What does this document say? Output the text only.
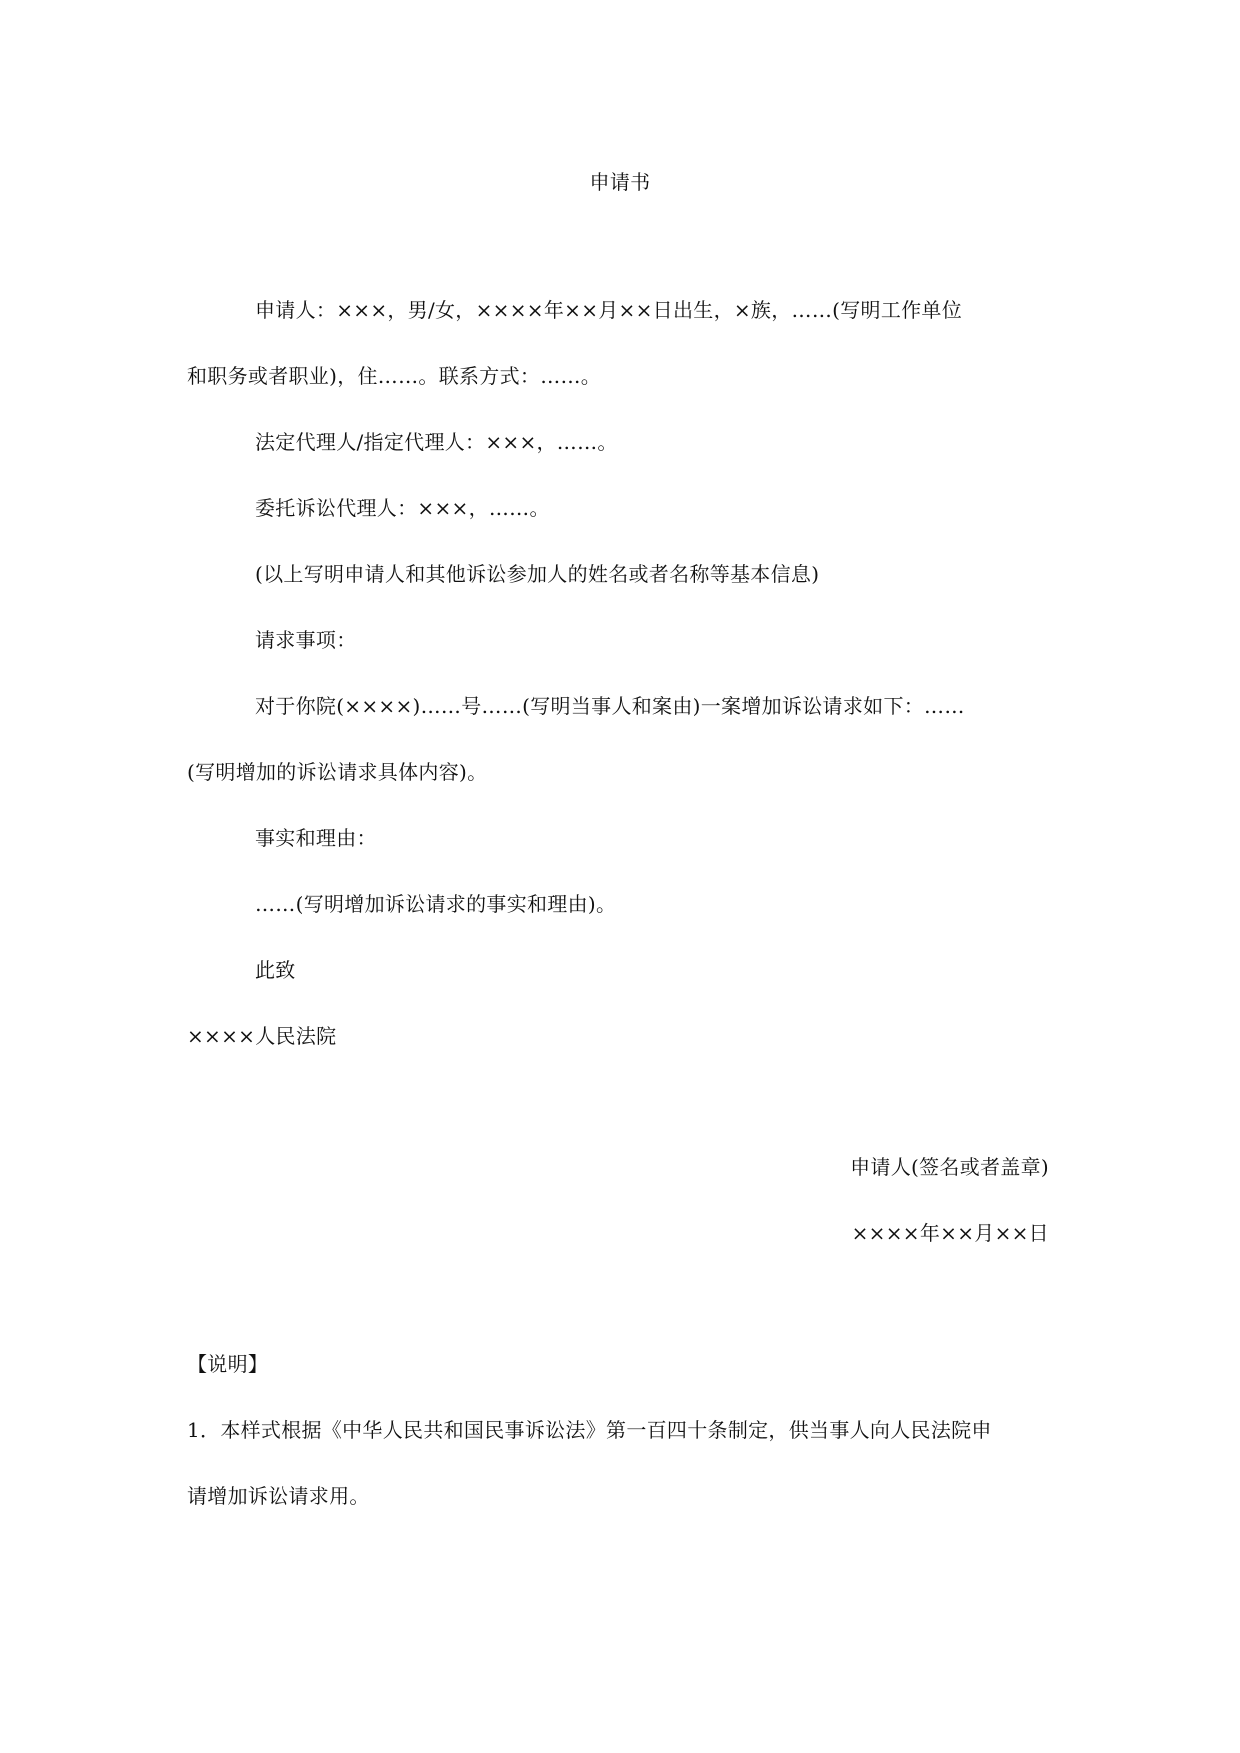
申请书
申请人：×××，男/女，××××年××月××日出生，×族，……(写明工作单位
和职务或者职业)，住……。联系方式：……。
法定代理人/指定代理人：×××，……。
委托诉讼代理人：×××，……。
(以上写明申请人和其他诉讼参加人的姓名或者名称等基本信息)
请求事项：
对于你院(××××)……号……(写明当事人和案由)一案增加诉讼请求如下：……
(写明增加的诉讼请求具体内容)。
事实和理由：
……(写明增加诉讼请求的事实和理由)。
此致
××××人民法院
申请人(签名或者盖章)
××××年××月××日
【说明】
1．本样式根据《中华人民共和国民事诉讼法》第一百四十条制定，供当事人向人民法院申
请增加诉讼请求用。
